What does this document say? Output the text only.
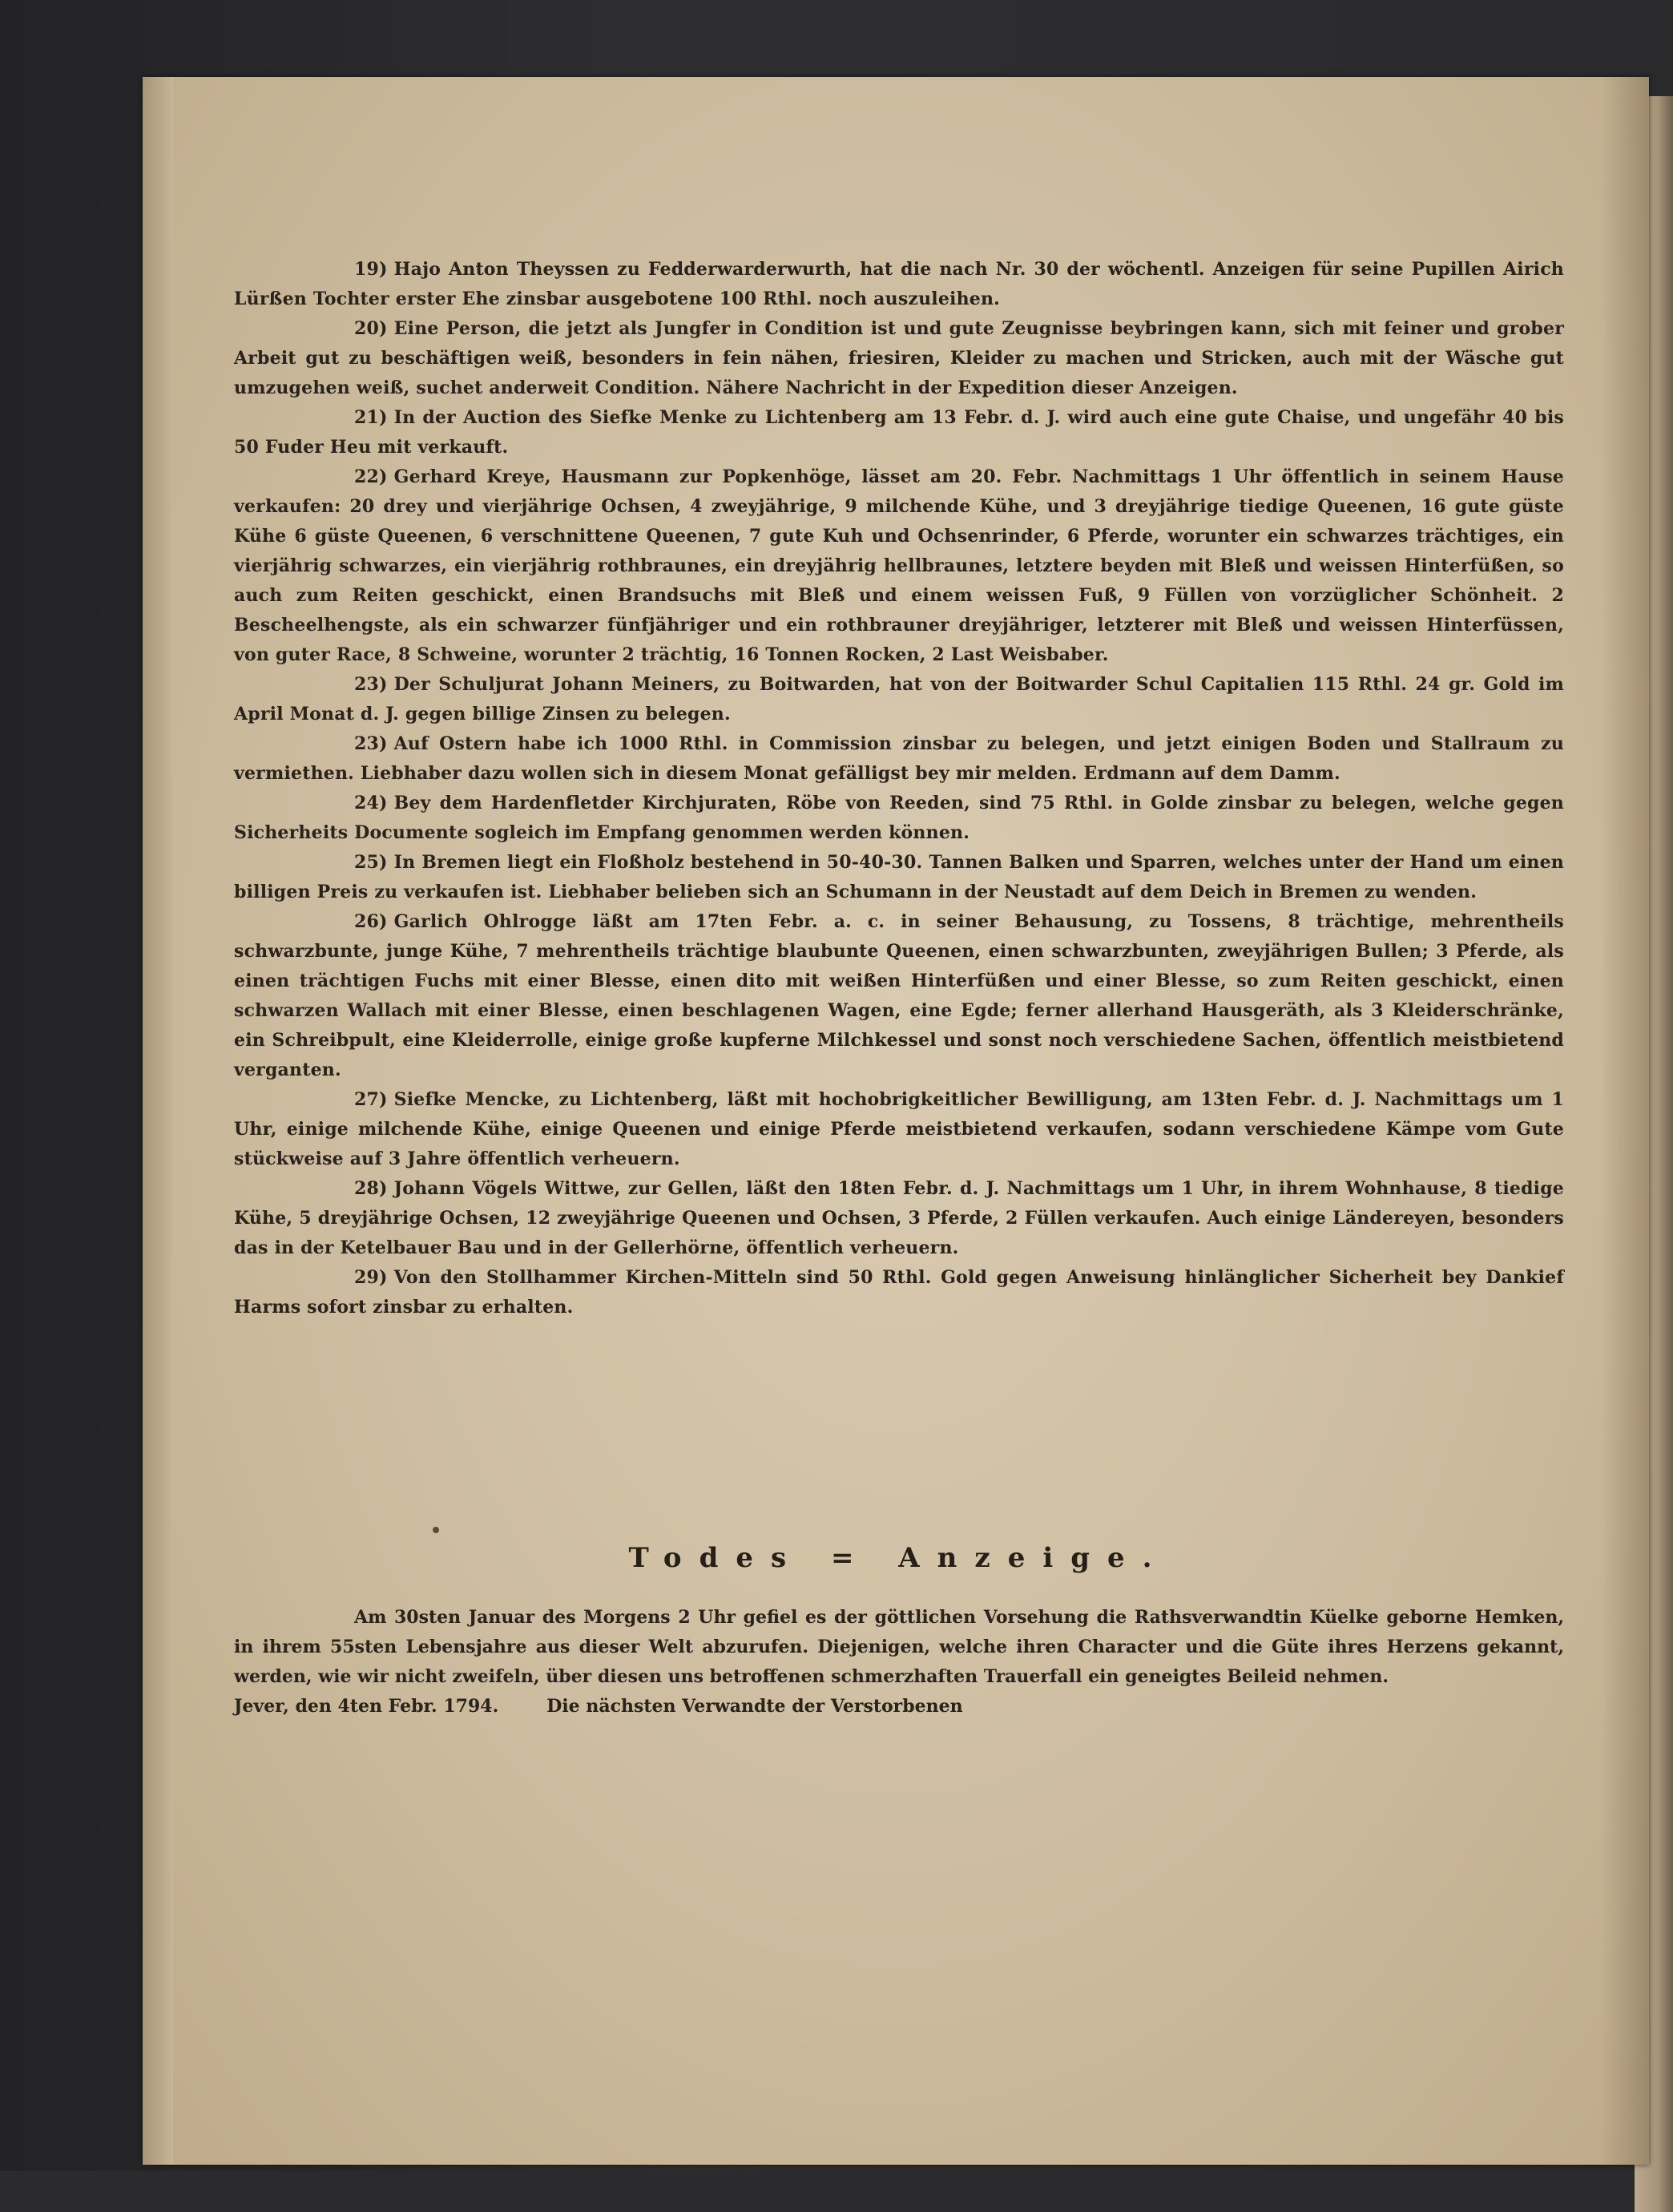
19) Hajo Anton Theyssen zu Fedderwarderwurth, hat die nach Nr. 30 der wöchentl. Anzeigen für seine Pupillen Airich Lürßen Tochter erster Ehe zinsbar ausgebotene 100 Rthl. noch auszuleihen.

20) Eine Person, die jetzt als Jungfer in Condition ist und gute Zeugnisse beybringen kann, sich mit feiner und grober Arbeit gut zu beschäftigen weiß, besonders in fein nähen, friesiren, Kleider zu machen und Stricken, auch mit der Wäsche gut umzugehen weiß, suchet anderweit Condition. Nähere Nachricht in der Expedition dieser Anzeigen.

21) In der Auction des Siefke Menke zu Lichtenberg am 13 Febr. d. J. wird auch eine gute Chaise, und ungefähr 40 bis 50 Fuder Heu mit verkauft.

22) Gerhard Kreye, Hausmann zur Popkenhöge, lässet am 20. Febr. Nachmittags 1 Uhr öffentlich in seinem Hause verkaufen: 20 drey und vierjährige Ochsen, 4 zweyjährige, 9 milchende Kühe, und 3 dreyjährige tiedige Queenen, 16 gute güste Kühe 6 güste Queenen, 6 verschnittene Queenen, 7 gute Kuh und Ochsenrinder, 6 Pferde, worunter ein schwarzes trächtiges, ein vierjährig schwarzes, ein vierjährig rothbraunes, ein dreyjährig hellbraunes, letztere beyden mit Bleß und weissen Hinterfüßen, so auch zum Reiten geschickt, einen Brandsuchs mit Bleß und einem weissen Fuß, 9 Füllen von vorzüglicher Schönheit. 2 Bescheelhengste, als ein schwarzer fünfjähriger und ein rothbrauner dreyjähriger, letzterer mit Bleß und weissen Hinterfüssen, von guter Race, 8 Schweine, worunter 2 trächtig, 16 Tonnen Rocken, 2 Last Weisbaber.

23) Der Schuljurat Johann Meiners, zu Boitwarden, hat von der Boitwarder Schul Capitalien 115 Rthl. 24 gr. Gold im April Monat d. J. gegen billige Zinsen zu belegen.

23) Auf Ostern habe ich 1000 Rthl. in Commission zinsbar zu belegen, und jetzt einigen Boden und Stallraum zu vermiethen. Liebhaber dazu wollen sich in diesem Monat gefälligst bey mir melden. Erdmann auf dem Damm.

24) Bey dem Hardenfletder Kirchjuraten, Röbe von Reeden, sind 75 Rthl. in Golde zinsbar zu belegen, welche gegen Sicherheits Documente sogleich im Empfang genommen werden können.

25) In Bremen liegt ein Floßholz bestehend in 50-40-30. Tannen Balken und Sparren, welches unter der Hand um einen billigen Preis zu verkaufen ist. Liebhaber belieben sich an Schumann in der Neustadt auf dem Deich in Bremen zu wenden.

26) Garlich Ohlrogge läßt am 17ten Febr. a. c. in seiner Behausung, zu Tossens, 8 trächtige, mehrentheils schwarzbunte, junge Kühe, 7 mehrentheils trächtige blaubunte Queenen, einen schwarzbunten, zweyjährigen Bullen; 3 Pferde, als einen trächtigen Fuchs mit einer Blesse, einen dito mit weißen Hinterfüßen und einer Blesse, so zum Reiten geschickt, einen schwarzen Wallach mit einer Blesse, einen beschlagenen Wagen, eine Egde; ferner allerhand Hausgeräth, als 3 Kleiderschränke, ein Schreibpult, eine Kleiderrolle, einige große kupferne Milchkessel und sonst noch verschiedene Sachen, öffentlich meistbietend verganten.

27) Siefke Mencke, zu Lichtenberg, läßt mit hochobrigkeitlicher Bewilligung, am 13ten Febr. d. J. Nachmittags um 1 Uhr, einige milchende Kühe, einige Queenen und einige Pferde meistbietend verkaufen, sodann verschiedene Kämpe vom Gute stückweise auf 3 Jahre öffentlich verheuern.

28) Johann Vögels Wittwe, zur Gellen, läßt den 18ten Febr. d. J. Nachmittags um 1 Uhr, in ihrem Wohnhause, 8 tiedige Kühe, 5 dreyjährige Ochsen, 12 zweyjährige Queenen und Ochsen, 3 Pferde, 2 Füllen verkaufen. Auch einige Ländereyen, besonders das in der Ketelbauer Bau und in der Gellerhörne, öffentlich verheuern.

29) Von den Stollhammer Kirchen-Mitteln sind 50 Rthl. Gold gegen Anweisung hinlänglicher Sicherheit bey Dankief Harms sofort zinsbar zu erhalten.

Todes = Anzeige.

Am 30sten Januar des Morgens 2 Uhr gefiel es der göttlichen Vorsehung die Rathsverwandtin Küelke geborne Hemken, in ihrem 55sten Lebensjahre aus dieser Welt abzurufen. Diejenigen, welche ihren Character und die Güte ihres Herzens gekannt, werden, wie wir nicht zweifeln, über diesen uns betroffenen schmerzhaften Trauerfall ein geneigtes Beileid nehmen.

Jever, den 4ten Febr. 1794.	Die nächsten Verwandte der Verstorbenen
